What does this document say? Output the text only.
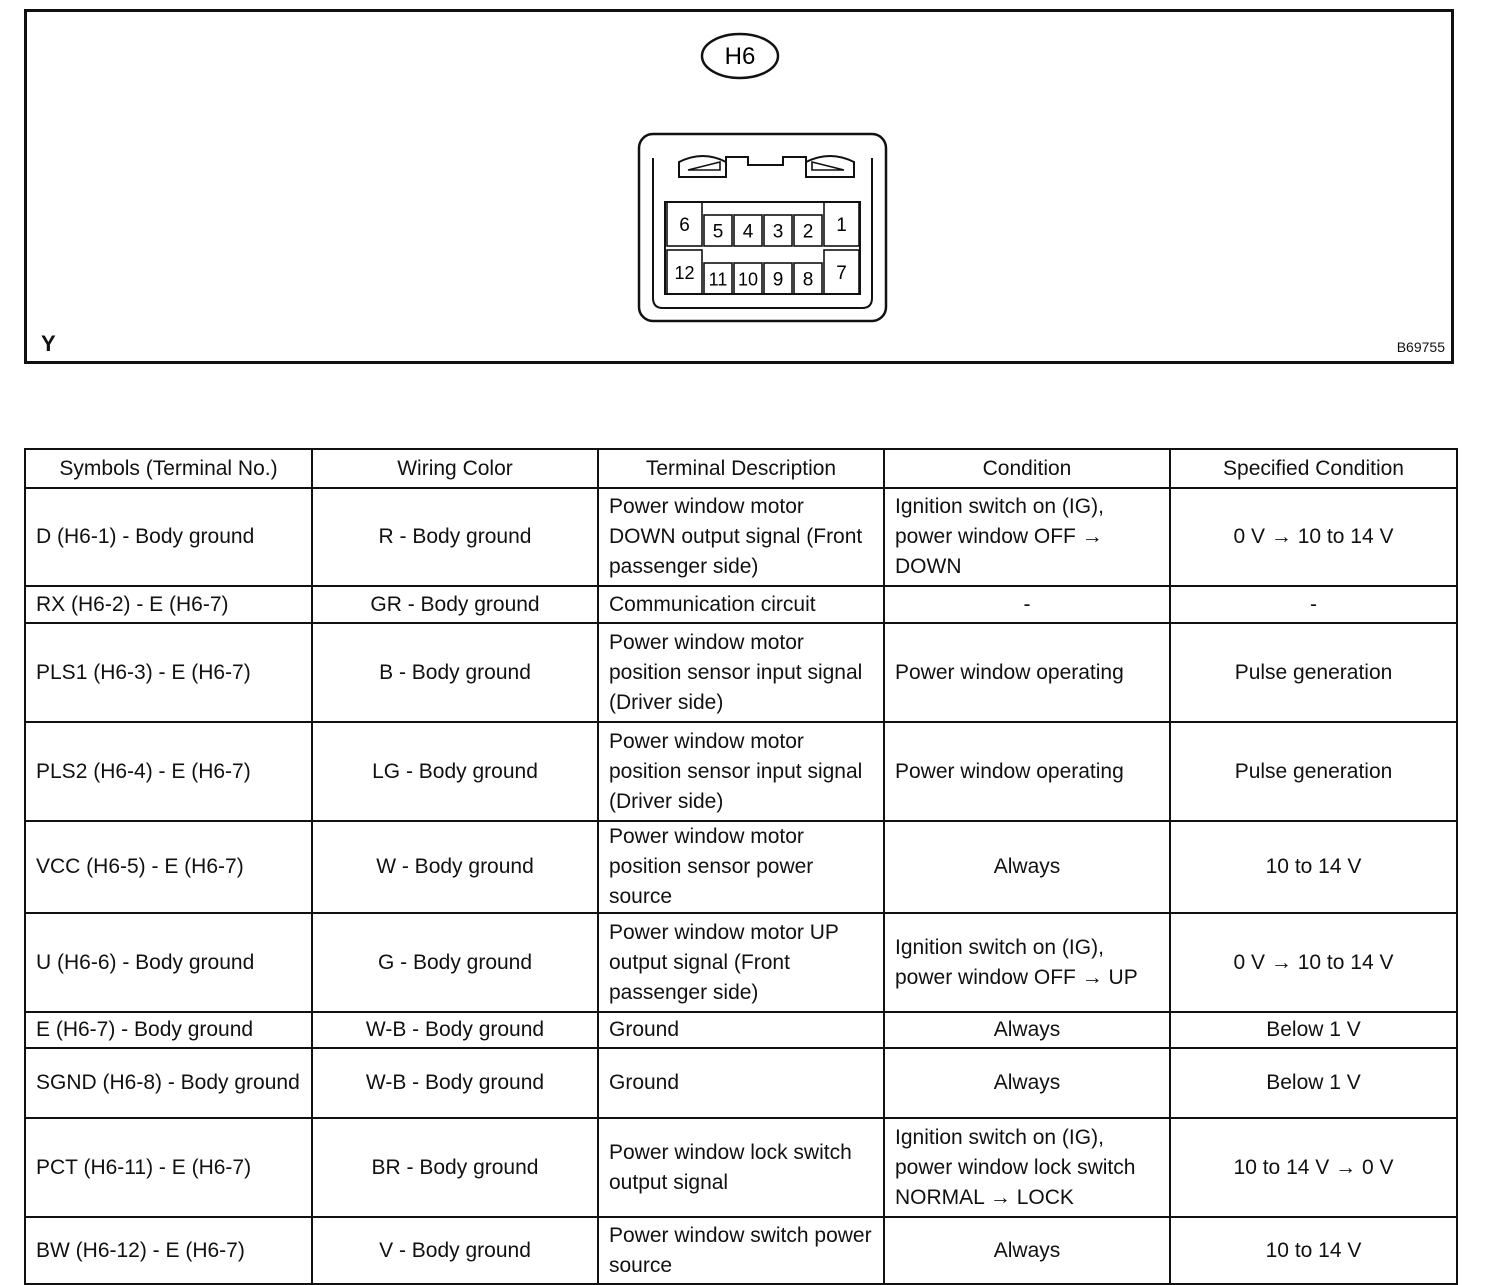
H6
6 5 4 3 2 1
12 11 10 9 8 7
Y	B69755
Symbols (Terminal No.)	Wiring Color	Terminal Description	Condition	Specified Condition
D (H6-1) - Body ground	R - Body ground	Power window motor DOWN output signal (Front passenger side)	Ignition switch on (IG), power window OFF → DOWN	0 V → 10 to 14 V
RX (H6-2) - E (H6-7)	GR - Body ground	Communication circuit	-	-
PLS1 (H6-3) - E (H6-7)	B - Body ground	Power window motor position sensor input signal (Driver side)	Power window operating	Pulse generation
PLS2 (H6-4) - E (H6-7)	LG - Body ground	Power window motor position sensor input signal (Driver side)	Power window operating	Pulse generation
VCC (H6-5) - E (H6-7)	W - Body ground	Power window motor position sensor power source	Always	10 to 14 V
U (H6-6) - Body ground	G - Body ground	Power window motor UP output signal (Front passenger side)	Ignition switch on (IG), power window OFF → UP	0 V → 10 to 14 V
E (H6-7) - Body ground	W-B - Body ground	Ground	Always	Below 1 V
SGND (H6-8) - Body ground	W-B - Body ground	Ground	Always	Below 1 V
PCT (H6-11) - E (H6-7)	BR - Body ground	Power window lock switch output signal	Ignition switch on (IG), power window lock switch NORMAL → LOCK	10 to 14 V → 0 V
BW (H6-12) - E (H6-7)	V - Body ground	Power window switch power source	Always	10 to 14 V
